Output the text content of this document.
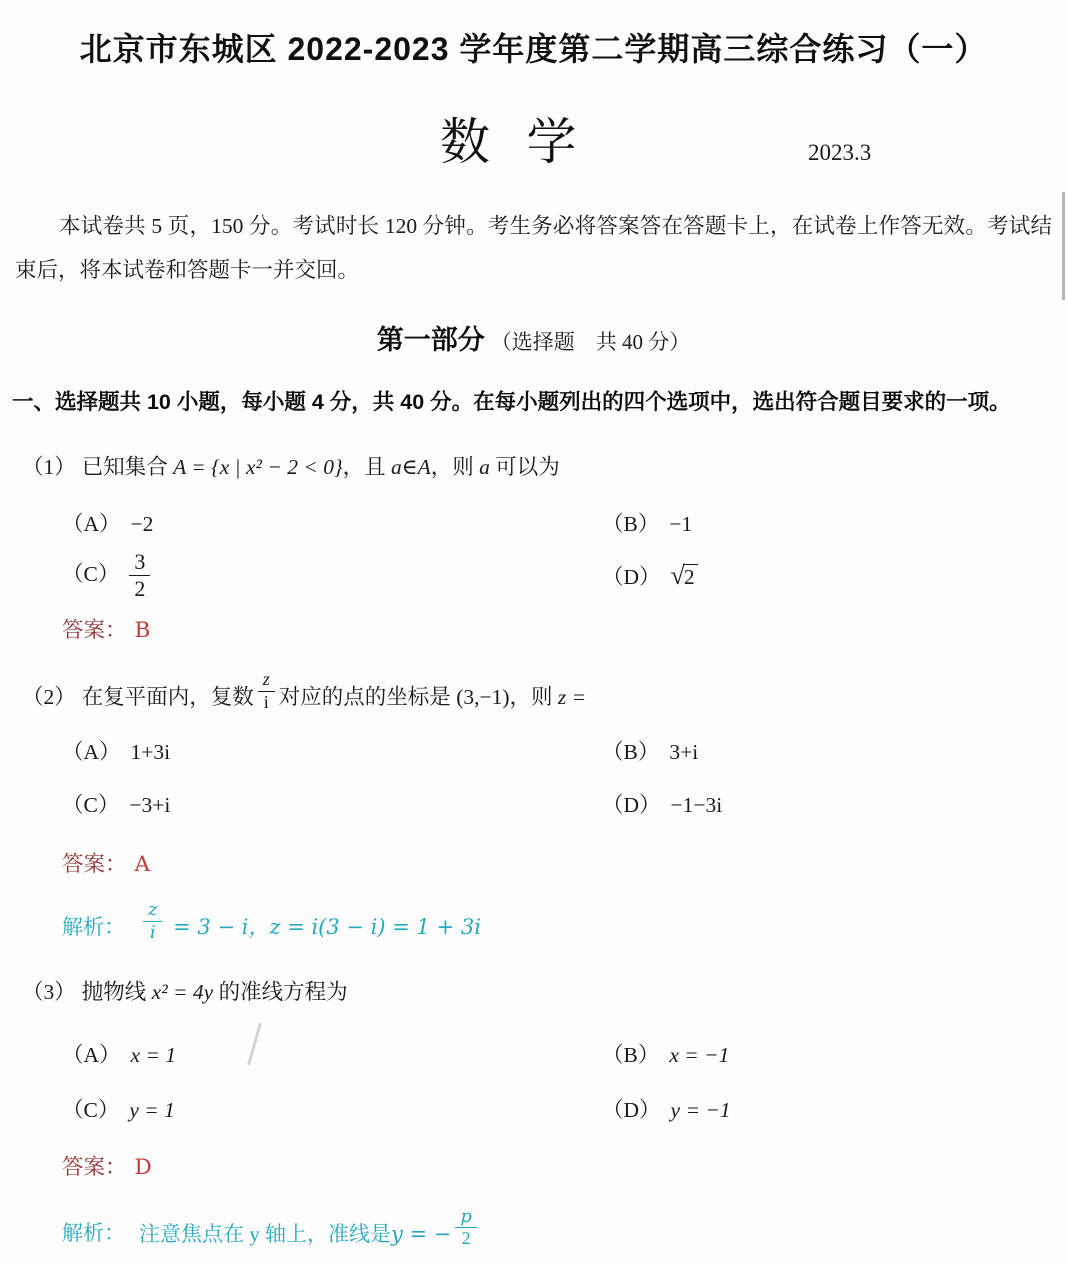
北京市东城区 2022-2023 学年度第二学期高三综合练习（一）
数 学	2023.3

本试卷共 5 页，150 分。考试时长 120 分钟。考生务必将答案答在答题卡上，在试卷上作答无效。考试结束后，将本试卷和答题卡一并交回。

第一部分 （选择题　共 40 分）
一、选择题共 10 小题，每小题 4 分，共 40 分。在每小题列出的四个选项中，选出符合题目要求的一项。
（1） 已知集合 A = {x | x² − 2 < 0}，且 a∈A，则 a 可以为
（A） −2	（B） −1
$(C) \frac{3}{2}$	（D） √2
答案： B
（2） 在复平面内，复数 $\frac{z}{i}$ 对应的点的坐标是 (3,−1)，则 z =
（A） 1+3i	（B） 3+i
（C） −3+i	（D） −1−3i
答案： A
解析： $\frac{z}{i} = 3 - i$，z = i(3 − i) = 1 + 3i
（3） 抛物线 x² = 4y 的准线方程为
（A） x = 1	（B） x = −1
（C） y = 1	（D） y = −1
答案： D
解析： 注意焦点在 y 轴上，准线是y = − $\frac{p}{2}$
